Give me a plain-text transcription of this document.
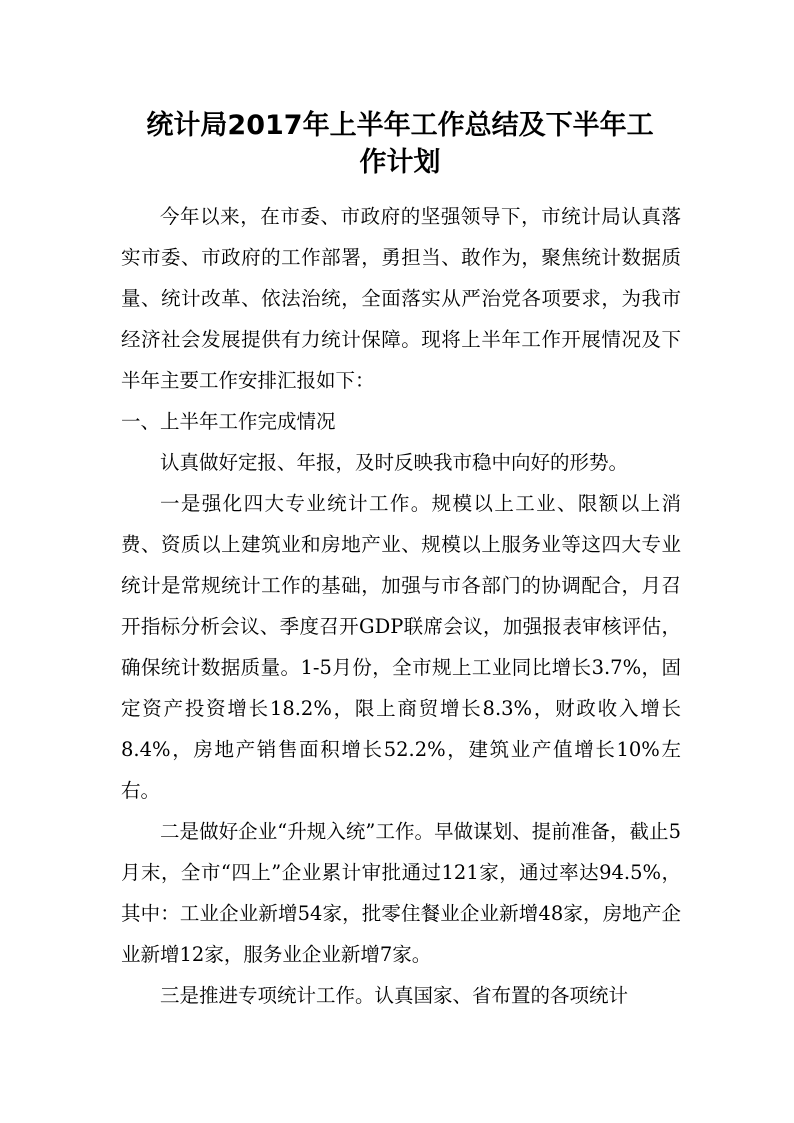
统计局2017年上半年工作总结及下半年工
作计划

今年以来，在市委、市政府的坚强领导下，市统计局认真落实市委、市政府的工作部署，勇担当、敢作为，聚焦统计数据质量、统计改革、依法治统，全面落实从严治党各项要求，为我市经济社会发展提供有力统计保障。现将上半年工作开展情况及下半年主要工作安排汇报如下：

一、上半年工作完成情况

认真做好定报、年报，及时反映我市稳中向好的形势。

一是强化四大专业统计工作。规模以上工业、限额以上消费、资质以上建筑业和房地产业、规模以上服务业等这四大专业统计是常规统计工作的基础，加强与市各部门的协调配合，月召开指标分析会议、季度召开GDP联席会议，加强报表审核评估，确保统计数据质量。1-5月份，全市规上工业同比增长3.7%，固定资产投资增长18.2%，限上商贸增长8.3%，财政收入增长8.4%，房地产销售面积增长52.2%，建筑业产值增长10%左右。

二是做好企业“升规入统”工作。早做谋划、提前准备，截止5月末，全市“四上”企业累计审批通过121家，通过率达94.5%，其中：工业企业新增54家，批零住餐业企业新增48家，房地产企业新增12家，服务业企业新增7家。

三是推进专项统计工作。认真国家、省布置的各项统计
